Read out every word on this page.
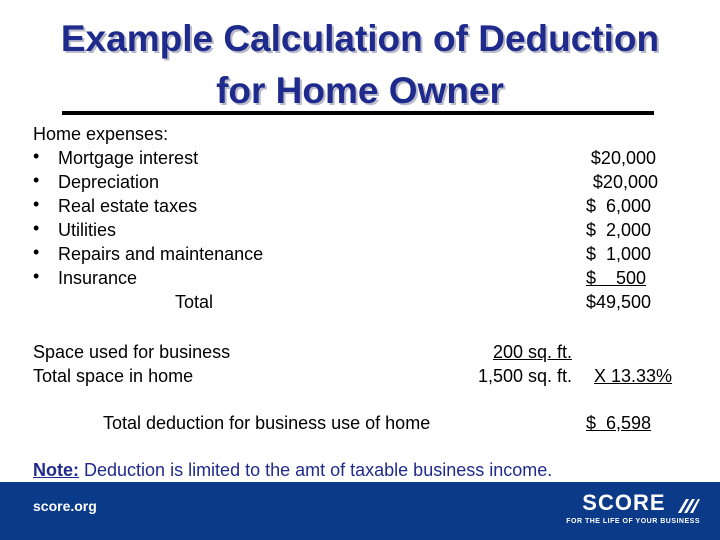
Example Calculation of Deduction
for Home Owner
Home expenses:
• Mortgage interest	$20,000
• Depreciation	$20,000
• Real estate taxes	$  6,000
• Utilities	$  2,000
• Repairs and maintenance	$  1,000
• Insurance	$    500
Total	$49,500
Space used for business	200 sq. ft.
Total space in home	1,500 sq. ft. X 13.33%
Total deduction for business use of home	$  6,598
Note: Deduction is limited to the amt of taxable business income.
score.org	SCORE
FOR THE LIFE OF YOUR BUSINESS
